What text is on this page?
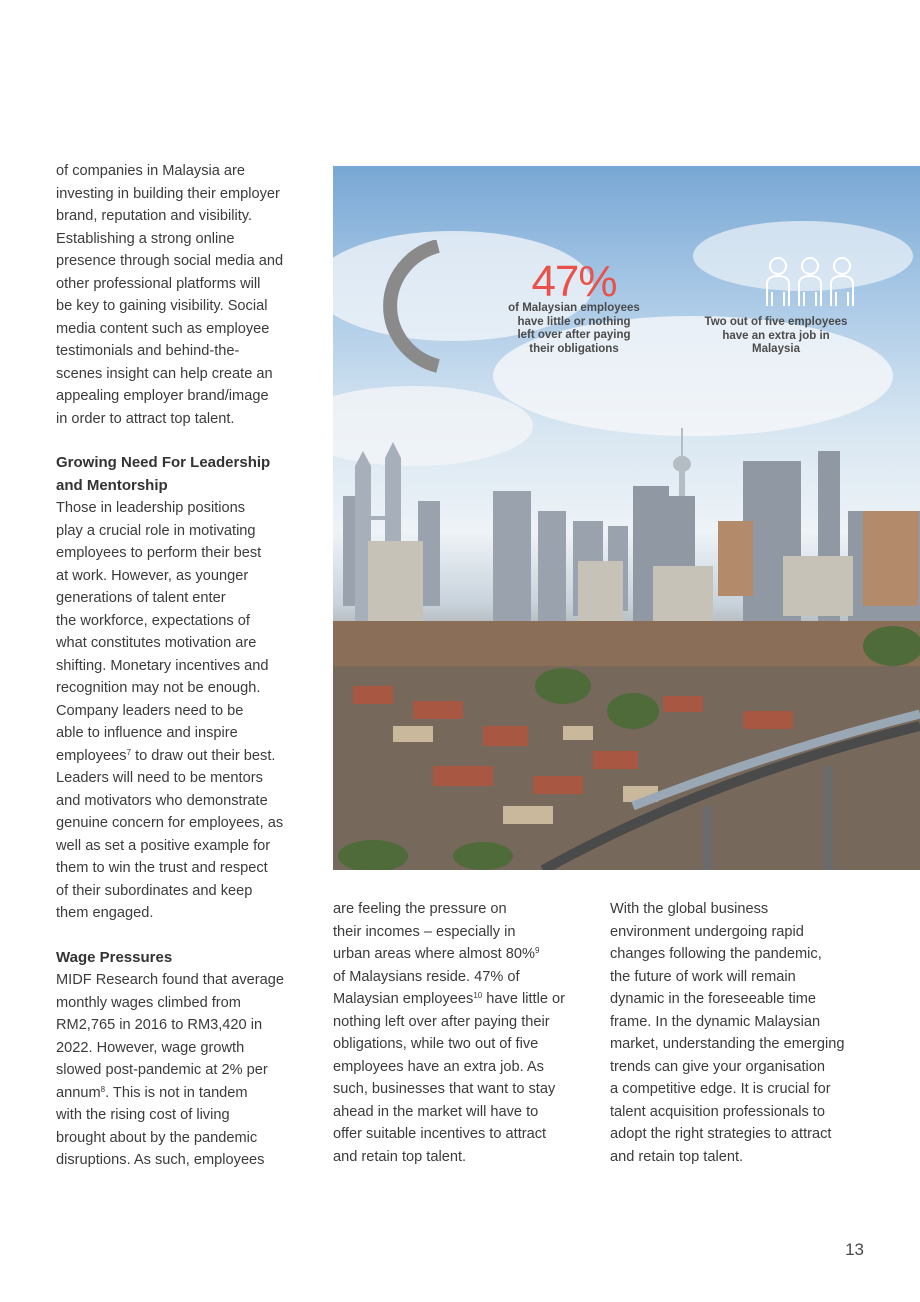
of companies in Malaysia are

investing in building their employer

brand, reputation and visibility.

Establishing a strong online

presence through social media and

other professional platforms will

be key to gaining visibility. Social

media content such as employee

testimonials and behind-the-

scenes insight can help create an

appealing employer brand/image

in order to attract top talent.

Growing Need For Leadership
and Mentorship

Those in leadership positions

play a crucial role in motivating

employees to perform their best

at work. However, as younger

generations of talent enter

the workforce, expectations of

what constitutes motivation are

shifting. Monetary incentives and

recognition may not be enough.

Company leaders need to be

able to influence and inspire

employees$^7$ to draw out their best.

Leaders will need to be mentors

and motivators who demonstrate

genuine concern for employees, as

well as set a positive example for

them to win the trust and respect

of their subordinates and keep

them engaged.

Wage Pressures

MIDF Research found that average

monthly wages climbed from

RM2,765 in 2016 to RM3,420 in

2022. However, wage growth

slowed post-pandemic at 2% per

annum$^8$. This is not in tandem

with the rising cost of living

brought about by the pandemic

disruptions. As such, employees

47%
of Malaysian employees
have little or nothing
left over after paying
their obligations
Two out of five employees
have an extra job in
Malaysia

are feeling the pressure on

their incomes – especially in

urban areas where almost 80%$^9$

of Malaysians reside. 47% of

Malaysian employees$^{10}$ have little or

nothing left over after paying their

obligations, while two out of five

employees have an extra job. As

such, businesses that want to stay

ahead in the market will have to

offer suitable incentives to attract

and retain top talent.

With the global business

environment undergoing rapid

changes following the pandemic,

the future of work will remain

dynamic in the foreseeable time

frame. In the dynamic Malaysian

market, understanding the emerging

trends can give your organisation

a competitive edge. It is crucial for

talent acquisition professionals to

adopt the right strategies to attract

and retain top talent.

13
